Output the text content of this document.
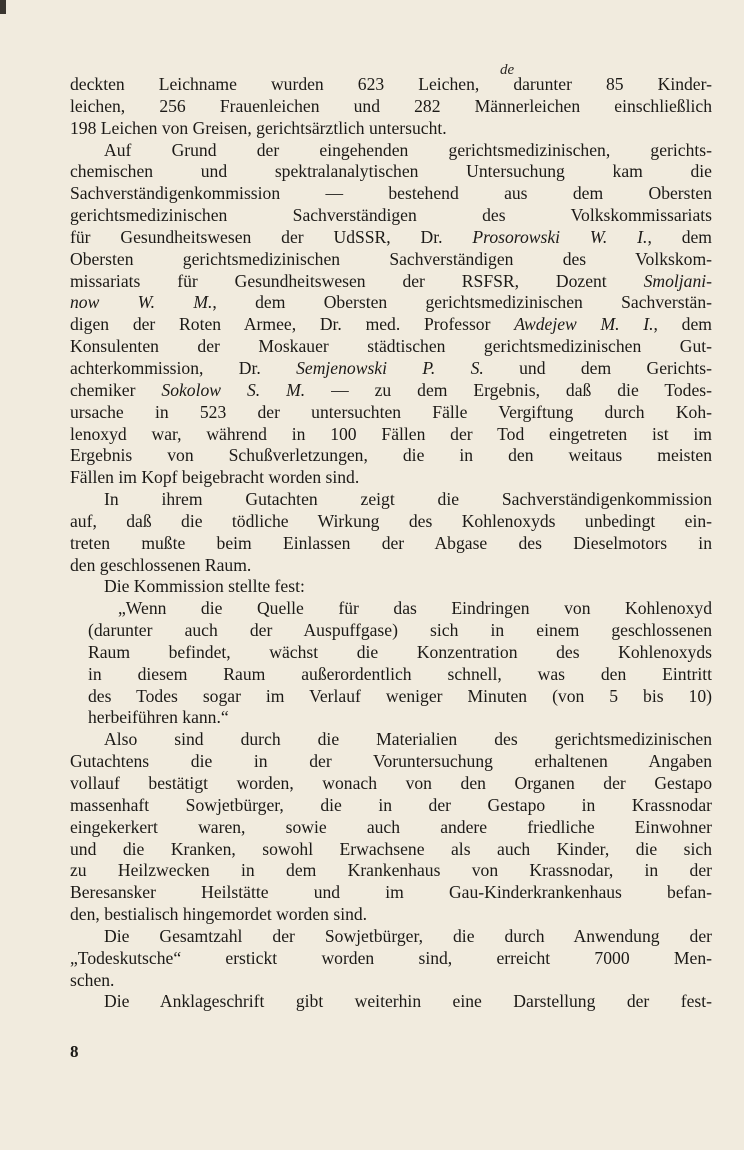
de
deckten Leichname wurden 623 Leichen, darunter 85 Kinder-
leichen, 256 Frauenleichen und 282 Männerleichen einschließlich
198 Leichen von Greisen, gerichtsärztlich untersucht.
Auf Grund der eingehenden gerichtsmedizinischen, gerichts-
chemischen und spektralanalytischen Untersuchung kam die
Sachverständigenkommission — bestehend aus dem Obersten
gerichtsmedizinischen Sachverständigen des Volkskommissariats
für Gesundheitswesen der UdSSR, Dr. Prosorowski W. I., dem
Obersten gerichtsmedizinischen Sachverständigen des Volkskom-
missariats für Gesundheitswesen der RSFSR, Dozent Smoljani-
now W. M., dem Obersten gerichtsmedizinischen Sachverstän-
digen der Roten Armee, Dr. med. Professor Awdejew M. I., dem
Konsulenten der Moskauer städtischen gerichtsmedizinischen Gut-
achterkommission, Dr. Semjenowski P. S. und dem Gerichts-
chemiker Sokolow S. M. — zu dem Ergebnis, daß die Todes-
ursache in 523 der untersuchten Fälle Vergiftung durch Koh-
lenoxyd war, während in 100 Fällen der Tod eingetreten ist im
Ergebnis von Schußverletzungen, die in den weitaus meisten
Fällen im Kopf beigebracht worden sind.
In ihrem Gutachten zeigt die Sachverständigenkommission
auf, daß die tödliche Wirkung des Kohlenoxyds unbedingt ein-
treten mußte beim Einlassen der Abgase des Dieselmotors in
den geschlossenen Raum.
Die Kommission stellte fest:
„Wenn die Quelle für das Eindringen von Kohlenoxyd
(darunter auch der Auspuffgase) sich in einem geschlossenen
Raum befindet, wächst die Konzentration des Kohlenoxyds
in diesem Raum außerordentlich schnell, was den Eintritt
des Todes sogar im Verlauf weniger Minuten (von 5 bis 10)
herbeiführen kann.“
Also sind durch die Materialien des gerichtsmedizinischen
Gutachtens die in der Voruntersuchung erhaltenen Angaben
vollauf bestätigt worden, wonach von den Organen der Gestapo
massenhaft Sowjetbürger, die in der Gestapo in Krassnodar
eingekerkert waren, sowie auch andere friedliche Einwohner
und die Kranken, sowohl Erwachsene als auch Kinder, die sich
zu Heilzwecken in dem Krankenhaus von Krassnodar, in der
Beresansker Heilstätte und im Gau-Kinderkrankenhaus befan-
den, bestialisch hingemordet worden sind.
Die Gesamtzahl der Sowjetbürger, die durch Anwendung der
„Todeskutsche“ erstickt worden sind, erreicht 7000 Men-
schen.
Die Anklageschrift gibt weiterhin eine Darstellung der fest-
8
